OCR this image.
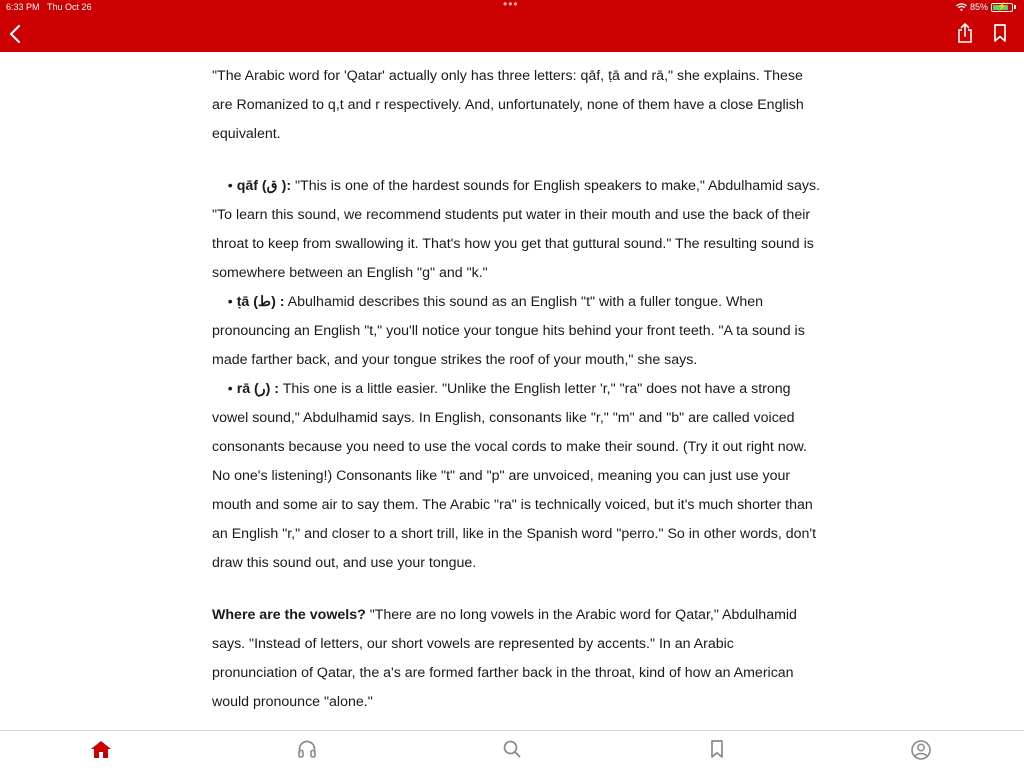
6:33 PM Thu Oct 26	•••	85%	⚡

"The Arabic word for 'Qatar' actually only has three letters: qāf, ṭā and rā," she explains. These are Romanized to q,t and r respectively. And, unfortunately, none of them have a close English equivalent.

• qāf (ق ): "This is one of the hardest sounds for English speakers to make," Abdulhamid says. "To learn this sound, we recommend students put water in their mouth and use the back of their throat to keep from swallowing it. That's how you get that guttural sound." The resulting sound is somewhere between an English "g" and "k."

• ṭā (ط) : Abulhamid describes this sound as an English "t" with a fuller tongue. When pronouncing an English "t," you'll notice your tongue hits behind your front teeth. "A ta sound is made farther back, and your tongue strikes the roof of your mouth," she says.

• rā (ر) : This one is a little easier. "Unlike the English letter 'r," "ra" does not have a strong vowel sound," Abdulhamid says. In English, consonants like "r," "m" and "b" are called voiced consonants because you need to use the vocal cords to make their sound. (Try it out right now. No one's listening!) Consonants like "t" and "p" are unvoiced, meaning you can just use your mouth and some air to say them. The Arabic "ra" is technically voiced, but it's much shorter than an English "r," and closer to a short trill, like in the Spanish word "perro." So in other words, don't draw this sound out, and use your tongue.

Where are the vowels? "There are no long vowels in the Arabic word for Qatar," Abdulhamid says. "Instead of letters, our short vowels are represented by accents." In an Arabic pronunciation of Qatar, the a's are formed farther back in the throat, kind of how an American would pronounce "alone."
